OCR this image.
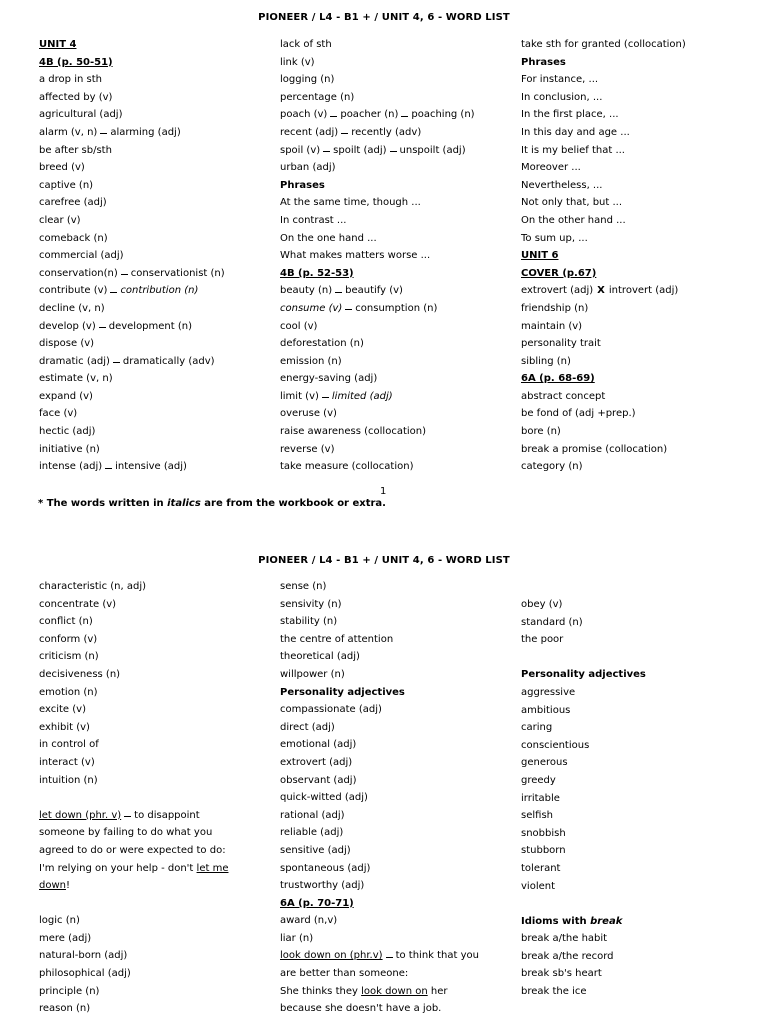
PIONEER / L4 - B1 + / UNIT 4, 6 - WORD LIST
UNIT 4
4B (p. 50-51)
a drop in sth
affected by (v)
agricultural (adj)
alarm (v, n) alarming (adj)
be after sb/sth
breed (v)
captive (n)
carefree (adj)
clear (v)
comeback (n)
commercial (adj)
conservation(n) conservationist (n)
contribute (v) contribution (n)
decline (v, n)
develop (v) development (n)
dispose (v)
dramatic (adj) dramatically (adv)
estimate (v, n)
expand (v)
face (v)
hectic (adj)
initiative (n)
intense (adj) intensive (adj)
lack of sth
link (v)
logging (n)
percentage (n)
poach (v) poacher (n) poaching (n)
recent (adj) recently (adv)
spoil (v) spoilt (adj) unspoilt (adj)
urban (adj)
Phrases
At the same time, though ...
In contrast ...
On the one hand ...
What makes matters worse ...
4B (p. 52-53)
beauty (n) beautify (v)
consume (v) consumption (n)
cool (v)
deforestation (n)
emission (n)
energy-saving (adj)
limit (v) limited (adj)
overuse (v)
raise awareness (collocation)
reverse (v)
take measure (collocation)
take sth for granted (collocation)
Phrases
For instance, ...
In conclusion, ...
In the first place, ...
In this day and age ...
It is my belief that ...
Moreover ...
Nevertheless, ...
Not only that, but ...
On the other hand ...
To sum up, ...
UNIT 6
COVER (p.67)
extrovert (adj) X introvert (adj)
friendship (n)
maintain (v)
personality trait
sibling (n)
6A (p. 68-69)
abstract concept
be fond of (adj +prep.)
bore (n)
break a promise (collocation)
category (n)
1
* The words written in italics are from the workbook or extra.
PIONEER / L4 - B1 + / UNIT 4, 6 - WORD LIST
characteristic (n, adj)
concentrate (v)
conflict (n)
conform (v)
criticism (n)
decisiveness (n)
emotion (n)
excite (v)
exhibit (v)
in control of
interact (v)
intuition (n)
let down (phr. v) to disappoint
someone by failing to do what you
agreed to do or were expected to do:
I'm relying on your help - don't let me
down!
logic (n)
mere (adj)
natural-born (adj)
philosophical (adj)
principle (n)
reason (n)
sense (n)
sensivity (n)
stability (n)
the centre of attention
theoretical (adj)
willpower (n)
Personality adjectives
compassionate (adj)
direct (adj)
emotional (adj)
extrovert (adj)
observant (adj)
quick-witted (adj)
rational (adj)
reliable (adj)
sensitive (adj)
spontaneous (adj)
trustworthy (adj)
6A (p. 70-71)
award (n,v)
liar (n)
look down on (phr.v) to think that you
are better than someone:
She thinks they look down on her
because she doesn't have a job.
obey (v)
standard (n)
the poor
Personality adjectives
aggressive
ambitious
caring
conscientious
generous
greedy
irritable
selfish
snobbish
stubborn
tolerant
violent
Idioms with break
break a/the habit
break a/the record
break sb's heart
break the ice
